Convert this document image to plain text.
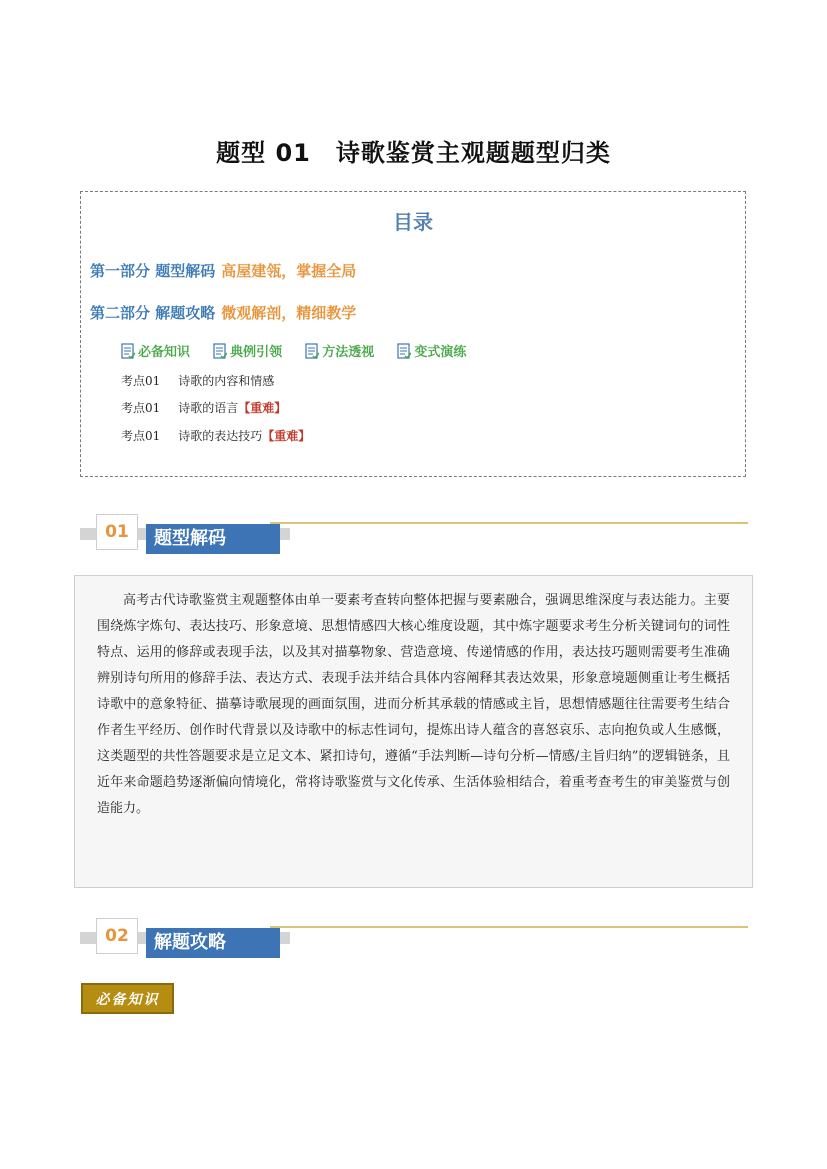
题型 01　诗歌鉴赏主观题题型归类
目录
第一部分 题型解码 高屋建瓴，掌握全局
第二部分 解题攻略 微观解剖，精细教学
必备知识
	典例引领
	方法透视
	变式演练
考点01 诗歌的内容和情感
考点01 诗歌的语言【重难】
考点01 诗歌的表达技巧【重难】
01	题型解码

高考古代诗歌鉴赏主观题整体由单一要素考查转向整体把握与要素融合，强调思维深度与表达能力。主要围绕炼字炼句、表达技巧、形象意境、思想情感四大核心维度设题，其中炼字题要求考生分析关键词句的词性特点、运用的修辞或表现手法，以及其对描摹物象、营造意境、传递情感的作用，表达技巧题则需要考生准确辨别诗句所用的修辞手法、表达方式、表现手法并结合具体内容阐释其表达效果，形象意境题侧重让考生概括诗歌中的意象特征、描摹诗歌展现的画面氛围，进而分析其承载的情感或主旨，思想情感题往往需要考生结合作者生平经历、创作时代背景以及诗歌中的标志性词句，提炼出诗人蕴含的喜怒哀乐、志向抱负或人生感慨，这类题型的共性答题要求是立足文本、紧扣诗句，遵循“手法判断—诗句分析—情感/主旨归纳”的逻辑链条，且近年来命题趋势逐渐偏向情境化，常将诗歌鉴赏与文化传承、生活体验相结合，着重考查考生的审美鉴赏与创造能力。

02	解题攻略
必备知识
